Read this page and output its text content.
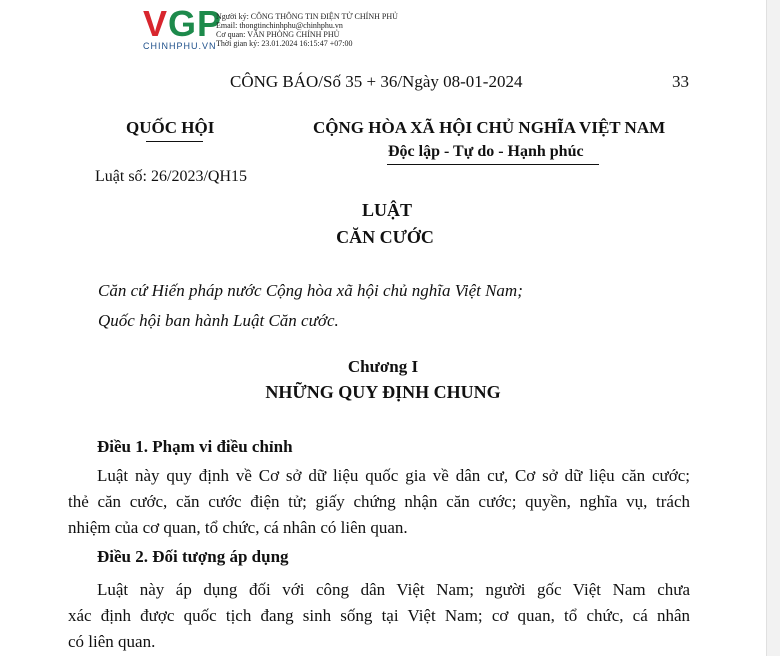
V G P
CHINHPHU.VN
Người ký: CÔNG THÔNG TIN ĐIỆN TỬ CHÍNH PHỦ
Email: thongtinchinhphu@chinhphu.vn
Cơ quan: VĂN PHÒNG CHÍNH PHỦ
Thời gian ký: 23.01.2024 16:15:47 +07:00
CÔNG BÁO/Số 35 + 36/Ngày 08-01-2024	33
QUỐC HỘI	CỘNG HÒA XÃ HỘI CHỦ NGHĨA VIỆT NAM
Độc lập - Tự do - Hạnh phúc
Luật số: 26/2023/QH15
LUẬT
CĂN CƯỚC
Căn cứ Hiến pháp nước Cộng hòa xã hội chủ nghĩa Việt Nam;
Quốc hội ban hành Luật Căn cước.
Chương I
NHỮNG QUY ĐỊNH CHUNG
Điều 1. Phạm vi điều chỉnh
Luật này quy định về Cơ sở dữ liệu quốc gia về dân cư, Cơ sở dữ liệu căn cước;
thẻ căn cước, căn cước điện tử; giấy chứng nhận căn cước; quyền, nghĩa vụ, trách
nhiệm của cơ quan, tổ chức, cá nhân có liên quan.
Điều 2. Đối tượng áp dụng
Luật này áp dụng đối với công dân Việt Nam; người gốc Việt Nam chưa
xác định được quốc tịch đang sinh sống tại Việt Nam; cơ quan, tổ chức, cá nhân
có liên quan.
